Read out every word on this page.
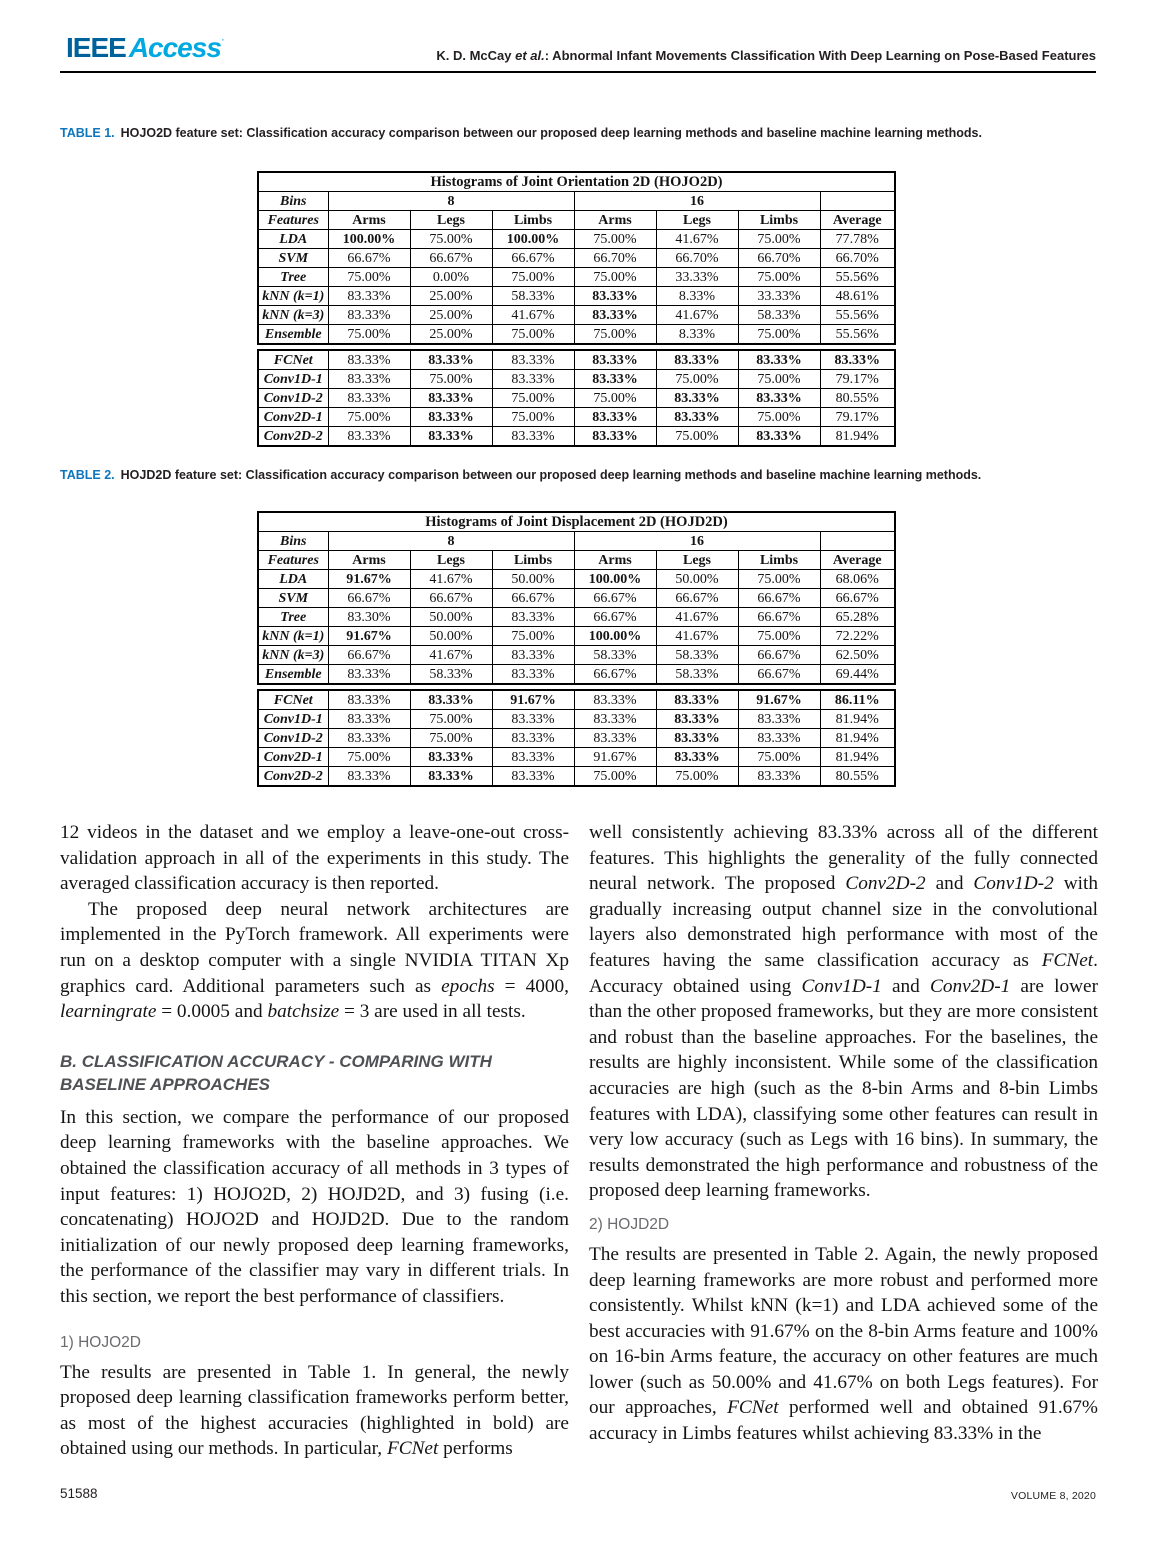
IEEE Access·
K. D. McCay et al.: Abnormal Infant Movements Classification With Deep Learning on Pose-Based Features
TABLE 1. HOJO2D feature set: Classification accuracy comparison between our proposed deep learning methods and baseline machine learning methods.
Histograms of Joint Orientation 2D (HOJO2D)							
Bins	8			16			
Features	Arms	Legs	Limbs	Arms	Legs	Limbs	Average
LDA	100.00%	75.00%	100.00%	75.00%	41.67%	75.00%	77.78%
SVM	66.67%	66.67%	66.67%	66.70%	66.70%	66.70%	66.70%
Tree	75.00%	0.00%	75.00%	75.00%	33.33%	75.00%	55.56%
kNN (k=1)	83.33%	25.00%	58.33%	83.33%	8.33%	33.33%	48.61%
kNN (k=3)	83.33%	25.00%	41.67%	83.33%	41.67%	58.33%	55.56%
Ensemble	75.00%	25.00%	75.00%	75.00%	8.33%	75.00%	55.56%
FCNet	83.33%	83.33%	83.33%	83.33%	83.33%	83.33%	83.33%
Conv1D-1	83.33%	75.00%	83.33%	83.33%	75.00%	75.00%	79.17%
Conv1D-2	83.33%	83.33%	75.00%	75.00%	83.33%	83.33%	80.55%
Conv2D-1	75.00%	83.33%	75.00%	83.33%	83.33%	75.00%	79.17%
Conv2D-2	83.33%	83.33%	83.33%	83.33%	75.00%	83.33%	81.94%
TABLE 2. HOJD2D feature set: Classification accuracy comparison between our proposed deep learning methods and baseline machine learning methods.
Histograms of Joint Displacement 2D (HOJD2D)							
Bins	8			16			
Features	Arms	Legs	Limbs	Arms	Legs	Limbs	Average
LDA	91.67%	41.67%	50.00%	100.00%	50.00%	75.00%	68.06%
SVM	66.67%	66.67%	66.67%	66.67%	66.67%	66.67%	66.67%
Tree	83.30%	50.00%	83.33%	66.67%	41.67%	66.67%	65.28%
kNN (k=1)	91.67%	50.00%	75.00%	100.00%	41.67%	75.00%	72.22%
kNN (k=3)	66.67%	41.67%	83.33%	58.33%	58.33%	66.67%	62.50%
Ensemble	83.33%	58.33%	83.33%	66.67%	58.33%	66.67%	69.44%
FCNet	83.33%	83.33%	91.67%	83.33%	83.33%	91.67%	86.11%
Conv1D-1	83.33%	75.00%	83.33%	83.33%	83.33%	83.33%	81.94%
Conv1D-2	83.33%	75.00%	83.33%	83.33%	83.33%	83.33%	81.94%
Conv2D-1	75.00%	83.33%	83.33%	91.67%	83.33%	75.00%	81.94%
Conv2D-2	83.33%	83.33%	83.33%	75.00%	75.00%	83.33%	80.55%

12 videos in the dataset and we employ a leave-one-out cross-validation approach in all of the experiments in this study. The averaged classification accuracy is then reported.

The proposed deep neural network architectures are implemented in the PyTorch framework. All experiments were run on a desktop computer with a single NVIDIA TITAN Xp graphics card. Additional parameters such as epochs = 4000, learningrate = 0.0005 and batchsize = 3 are used in all tests.

B. CLASSIFICATION ACCURACY - COMPARING WITH BASELINE APPROACHES

In this section, we compare the performance of our proposed deep learning frameworks with the baseline approaches. We obtained the classification accuracy of all methods in 3 types of input features: 1) HOJO2D, 2) HOJD2D, and 3) fusing (i.e. concatenating) HOJO2D and HOJD2D. Due to the random initialization of our newly proposed deep learning frameworks, the performance of the classifier may vary in different trials. In this section, we report the best performance of classifiers.

1) HOJO2D

The results are presented in Table 1. In general, the newly proposed deep learning classification frameworks perform better, as most of the highest accuracies (highlighted in bold) are obtained using our methods. In particular, FCNet performs

well consistently achieving 83.33% across all of the different features. This highlights the generality of the fully connected neural network. The proposed Conv2D-2 and Conv1D-2 with gradually increasing output channel size in the convolutional layers also demonstrated high performance with most of the features having the same classification accuracy as FCNet. Accuracy obtained using Conv1D-1 and Conv2D-1 are lower than the other proposed frameworks, but they are more consistent and robust than the baseline approaches. For the baselines, the results are highly inconsistent. While some of the classification accuracies are high (such as the 8-bin Arms and 8-bin Limbs features with LDA), classifying some other features can result in very low accuracy (such as Legs with 16 bins). In summary, the results demonstrated the high performance and robustness of the proposed deep learning frameworks.

2) HOJD2D

The results are presented in Table 2. Again, the newly proposed deep learning frameworks are more robust and performed more consistently. Whilst kNN (k=1) and LDA achieved some of the best accuracies with 91.67% on the 8-bin Arms feature and 100% on 16-bin Arms feature, the accuracy on other features are much lower (such as 50.00% and 41.67% on both Legs features). For our approaches, FCNet performed well and obtained 91.67% accuracy in Limbs features whilst achieving 83.33% in the

51588	VOLUME 8, 2020
